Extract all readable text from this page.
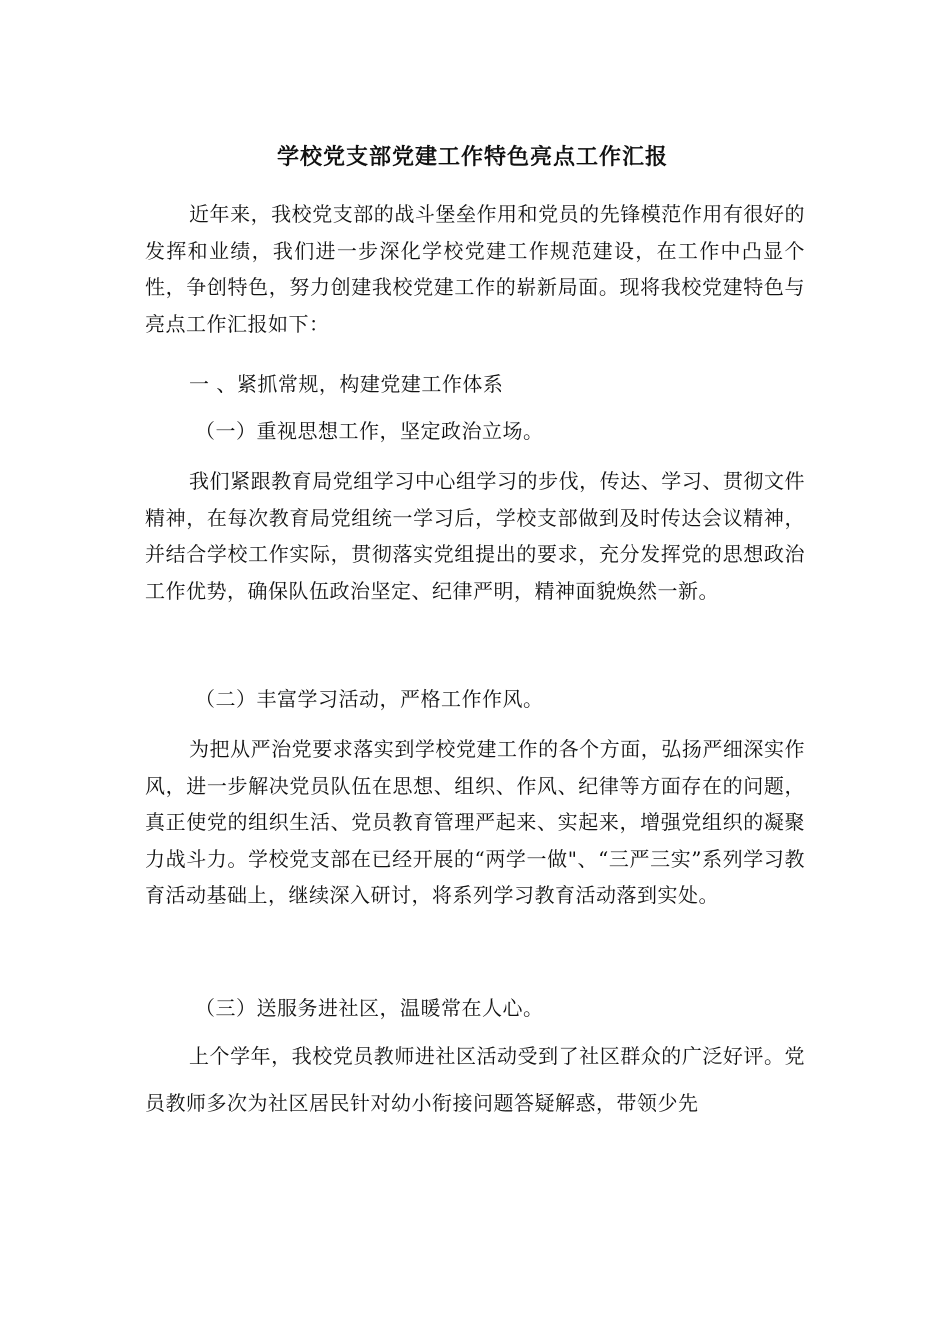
学校党支部党建工作特色亮点工作汇报

近年来，我校党支部的战斗堡垒作用和党员的先锋模范作用有很好的发挥和业绩，我们进一步深化学校党建工作规范建设，在工作中凸显个性，争创特色，努力创建我校党建工作的崭新局面。现将我校党建特色与亮点工作汇报如下：

一 、紧抓常规，构建党建工作体系

（一）重视思想工作，坚定政治立场。

我们紧跟教育局党组学习中心组学习的步伐，传达、学习、贯彻文件精神，在每次教育局党组统一学习后，学校支部做到及时传达会议精神，并结合学校工作实际，贯彻落实党组提出的要求，充分发挥党的思想政治工作优势，确保队伍政治坚定、纪律严明，精神面貌焕然一新。

（二）丰富学习活动，严格工作作风。

为把从严治党要求落实到学校党建工作的各个方面，弘扬严细深实作风，进一步解决党员队伍在思想、组织、作风、纪律等方面存在的问题，真正使党的组织生活、党员教育管理严起来、实起来，增强党组织的凝聚力战斗力。学校党支部在已经开展的“两学一做"、“三严三实”系列学习教育活动基础上，继续深入研讨，将系列学习教育活动落到实处。

（三）送服务进社区，温暖常在人心。

上个学年，我校党员教师进社区活动受到了社区群众的广泛好评。党员教师多次为社区居民针对幼小衔接问题答疑解惑，带领少先
